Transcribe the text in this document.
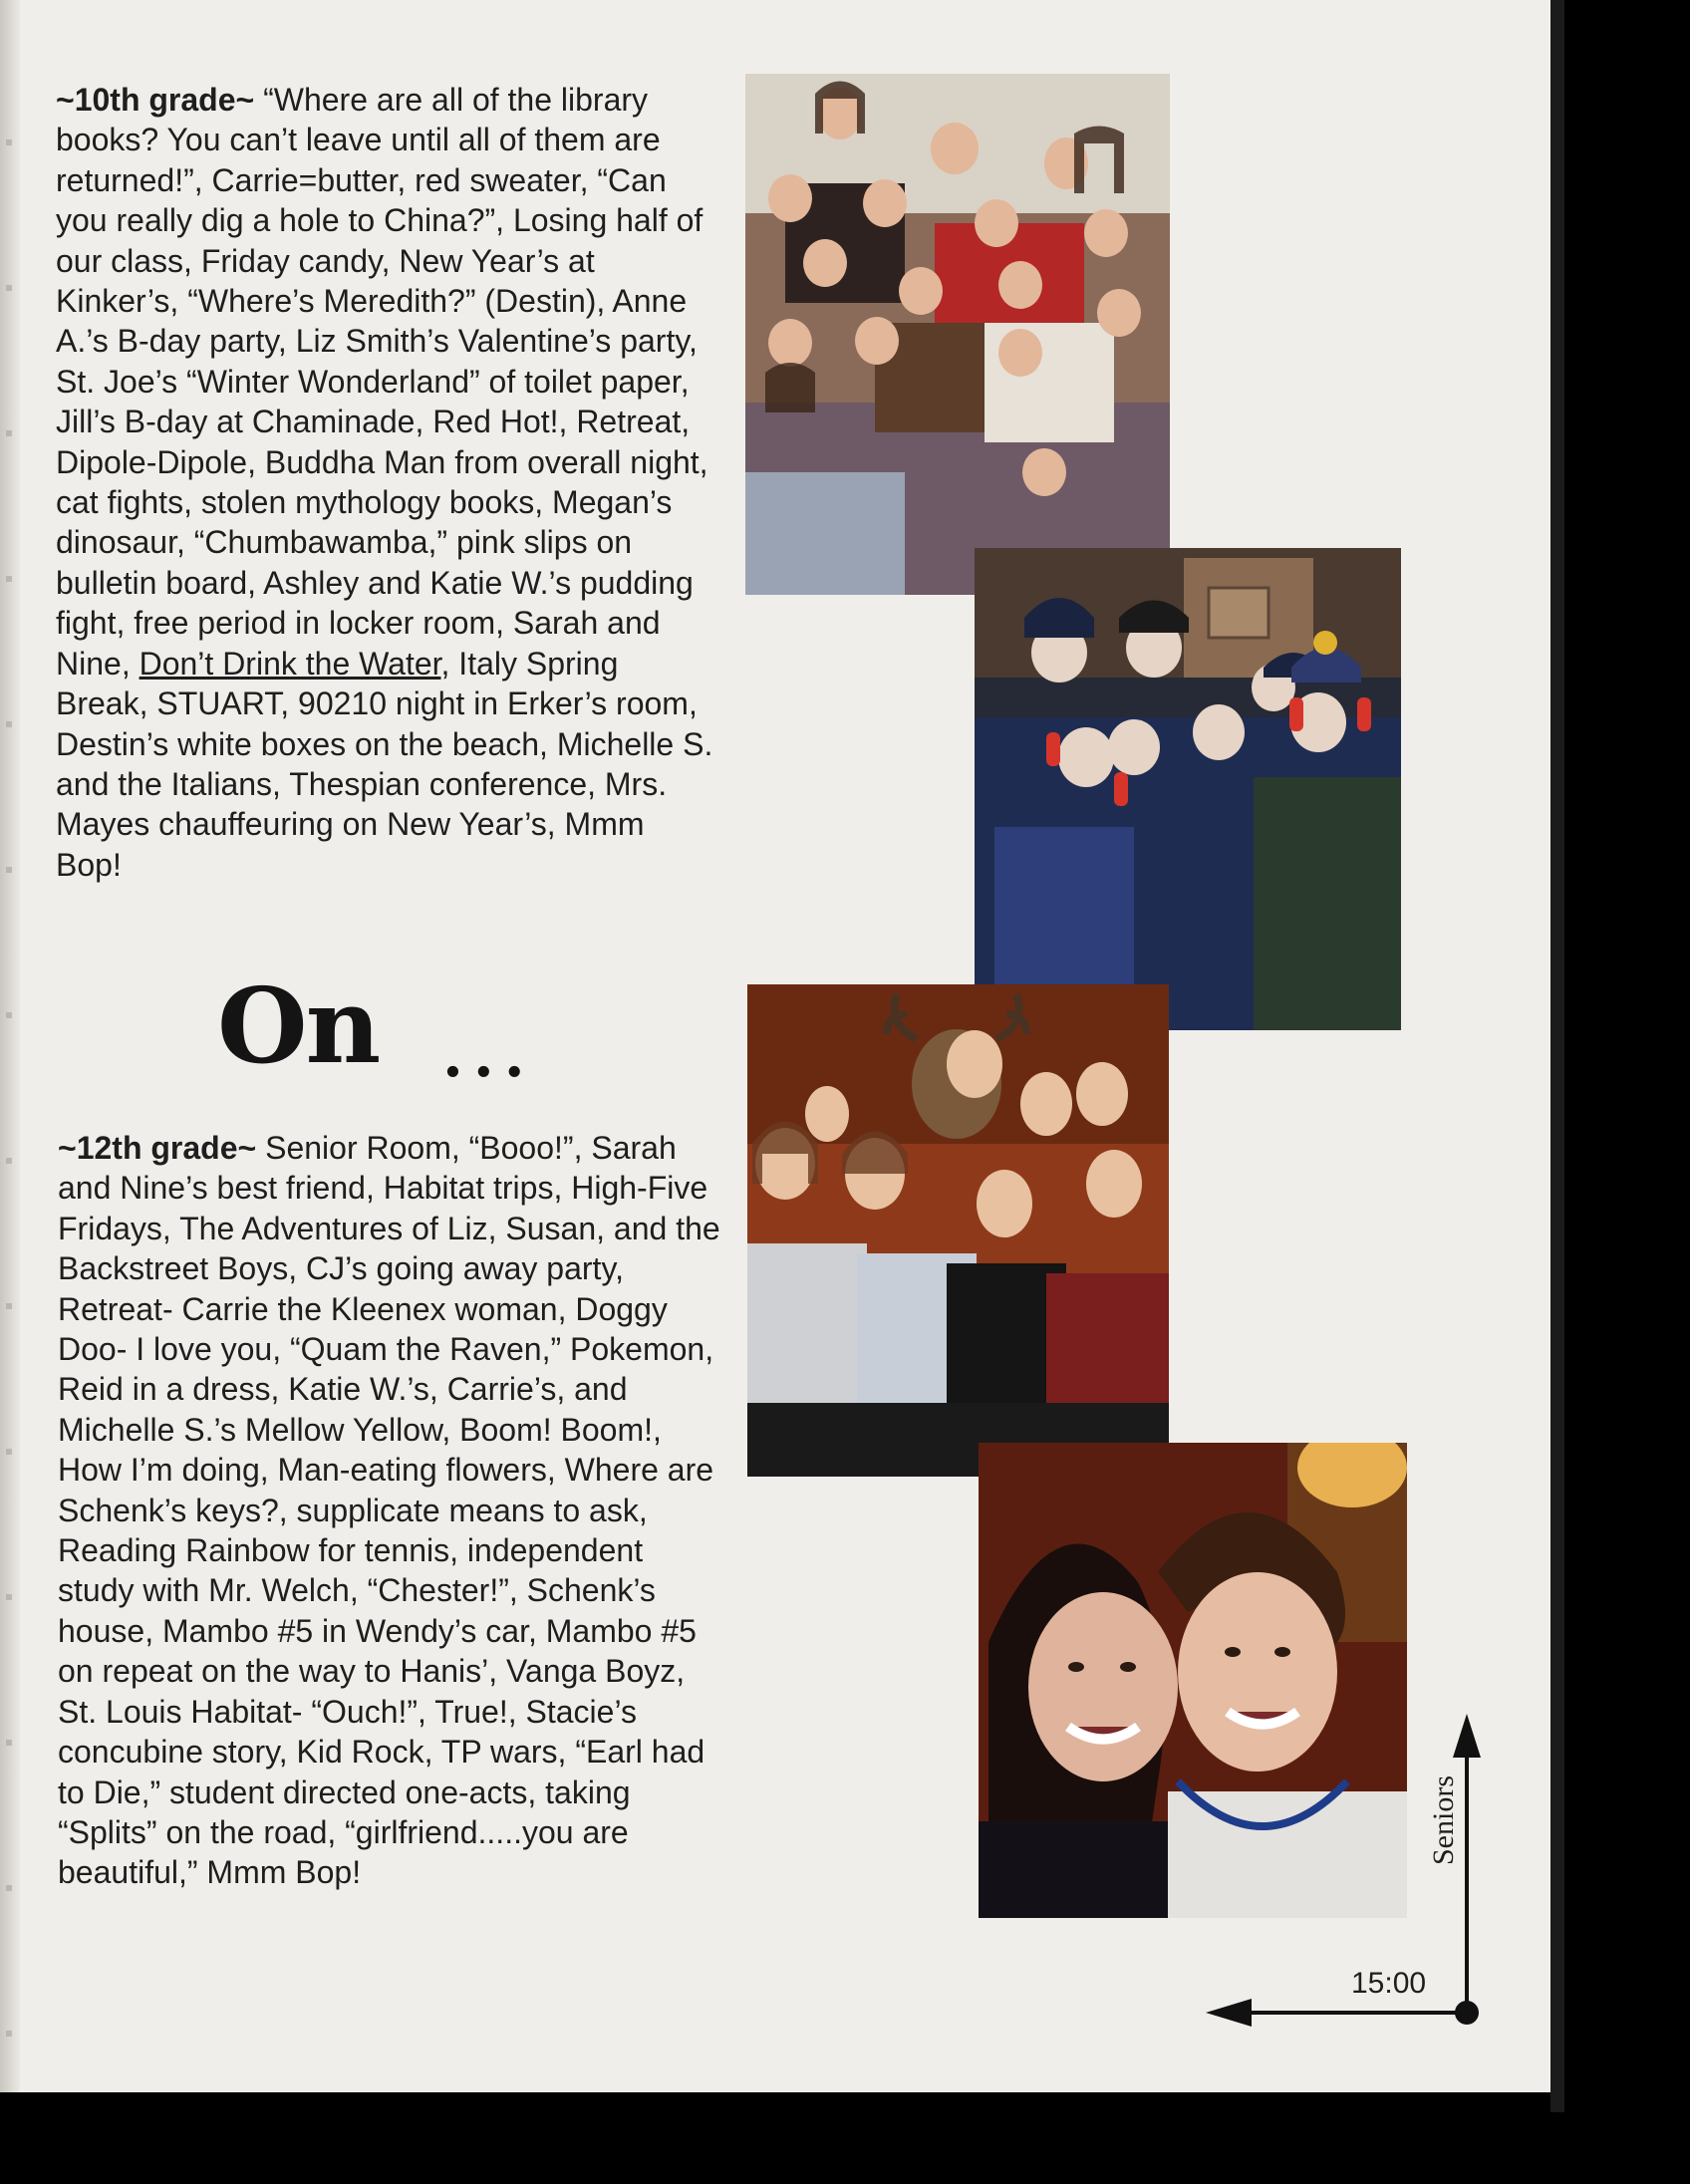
~10th grade~ “Where are all of the library books? You can’t leave until all of them are returned!”, Carrie=butter, red sweater, “Can you really dig a hole to China?”, Losing half of our class, Friday candy, New Year’s at Kinker’s, “Where’s Meredith?” (Destin), Anne A.’s B-day party, Liz Smith’s Valentine’s party, St. Joe’s “Winter Wonderland” of toilet paper, Jill’s B-day at Chaminade, Red Hot!, Retreat, Dipole-Dipole, Buddha Man from overall night, cat fights, stolen mythology books, Megan’s dinosaur, “Chumbawamba,” pink slips on bulletin board, Ashley and Katie W.’s pudding fight, free period in locker room, Sarah and Nine, Don’t Drink the Water, Italy Spring Break, STUART, 90210 night in Erker’s room, Destin’s white boxes on the beach, Michelle S. and the Italians, Thespian conference, Mrs. Mayes chauffeuring on New Year’s, Mmm Bop!
On ...
~12th grade~ Senior Room, “Booo!”, Sarah and Nine’s best friend, Habitat trips, High-Five Fridays, The Adventures of Liz, Susan, and the Backstreet Boys, CJ’s going away party, Retreat- Carrie the Kleenex woman, Doggy Doo- I love you, “Quam the Raven,” Pokemon, Reid in a dress, Katie W.’s, Carrie’s, and Michelle S.’s Mellow Yellow, Boom! Boom!, How I’m doing, Man-eating flowers, Where are Schenk’s keys?, supplicate means to ask, Reading Rainbow for tennis, independent study with Mr. Welch, “Chester!”, Schenk’s house, Mambo #5 in Wendy’s car, Mambo #5 on repeat on the way to Hanis’, Vanga Boyz, St. Louis Habitat- “Ouch!”, True!, Stacie’s concubine story, Kid Rock, TP wars, “Earl had to Die,” student directed one-acts, taking “Splits” on the road, “girlfriend.....you are beautiful,” Mmm Bop!
Seniors
15:00
